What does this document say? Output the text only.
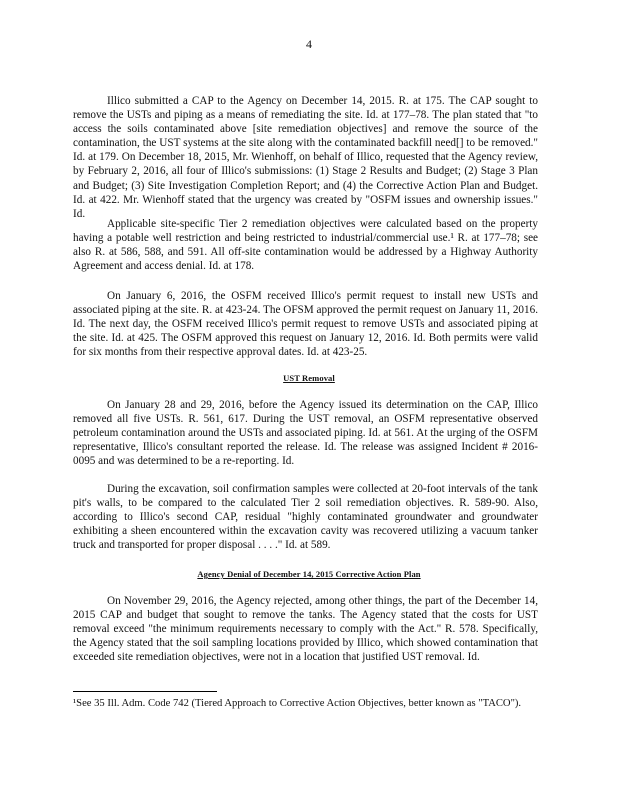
4

Illico submitted a CAP to the Agency on December 14, 2015. R. at 175. The CAP sought to remove the USTs and piping as a means of remediating the site. Id. at 177–78. The plan stated that "to access the soils contaminated above [site remediation objectives] and remove the source of the contamination, the UST systems at the site along with the contaminated backfill need[] to be removed." Id. at 179. On December 18, 2015, Mr. Wienhoff, on behalf of Illico, requested that the Agency review, by February 2, 2016, all four of Illico's submissions: (1) Stage 2 Results and Budget; (2) Stage 3 Plan and Budget; (3) Site Investigation Completion Report; and (4) the Corrective Action Plan and Budget. Id. at 422. Mr. Wienhoff stated that the urgency was created by "OSFM issues and ownership issues." Id.

Applicable site-specific Tier 2 remediation objectives were calculated based on the property having a potable well restriction and being restricted to industrial/commercial use.¹ R. at 177–78; see also R. at 586, 588, and 591. All off-site contamination would be addressed by a Highway Authority Agreement and access denial. Id. at 178.

On January 6, 2016, the OSFM received Illico's permit request to install new USTs and associated piping at the site. R. at 423-24. The OFSM approved the permit request on January 11, 2016. Id. The next day, the OSFM received Illico's permit request to remove USTs and associated piping at the site. Id. at 425. The OSFM approved this request on January 12, 2016. Id. Both permits were valid for six months from their respective approval dates. Id. at 423-25.

UST Removal

On January 28 and 29, 2016, before the Agency issued its determination on the CAP, Illico removed all five USTs. R. 561, 617. During the UST removal, an OSFM representative observed petroleum contamination around the USTs and associated piping. Id. at 561. At the urging of the OSFM representative, Illico's consultant reported the release. Id. The release was assigned Incident # 2016-0095 and was determined to be a re-reporting. Id.

During the excavation, soil confirmation samples were collected at 20-foot intervals of the tank pit's walls, to be compared to the calculated Tier 2 soil remediation objectives. R. 589-90. Also, according to Illico's second CAP, residual "highly contaminated groundwater and groundwater exhibiting a sheen encountered within the excavation cavity was recovered utilizing a vacuum tanker truck and transported for proper disposal . . . ." Id. at 589.

Agency Denial of December 14, 2015 Corrective Action Plan

On November 29, 2016, the Agency rejected, among other things, the part of the December 14, 2015 CAP and budget that sought to remove the tanks. The Agency stated that the costs for UST removal exceed "the minimum requirements necessary to comply with the Act." R. 578. Specifically, the Agency stated that the soil sampling locations provided by Illico, which showed contamination that exceeded site remediation objectives, were not in a location that justified UST removal. Id.

¹See 35 Ill. Adm. Code 742 (Tiered Approach to Corrective Action Objectives, better known as "TACO").
